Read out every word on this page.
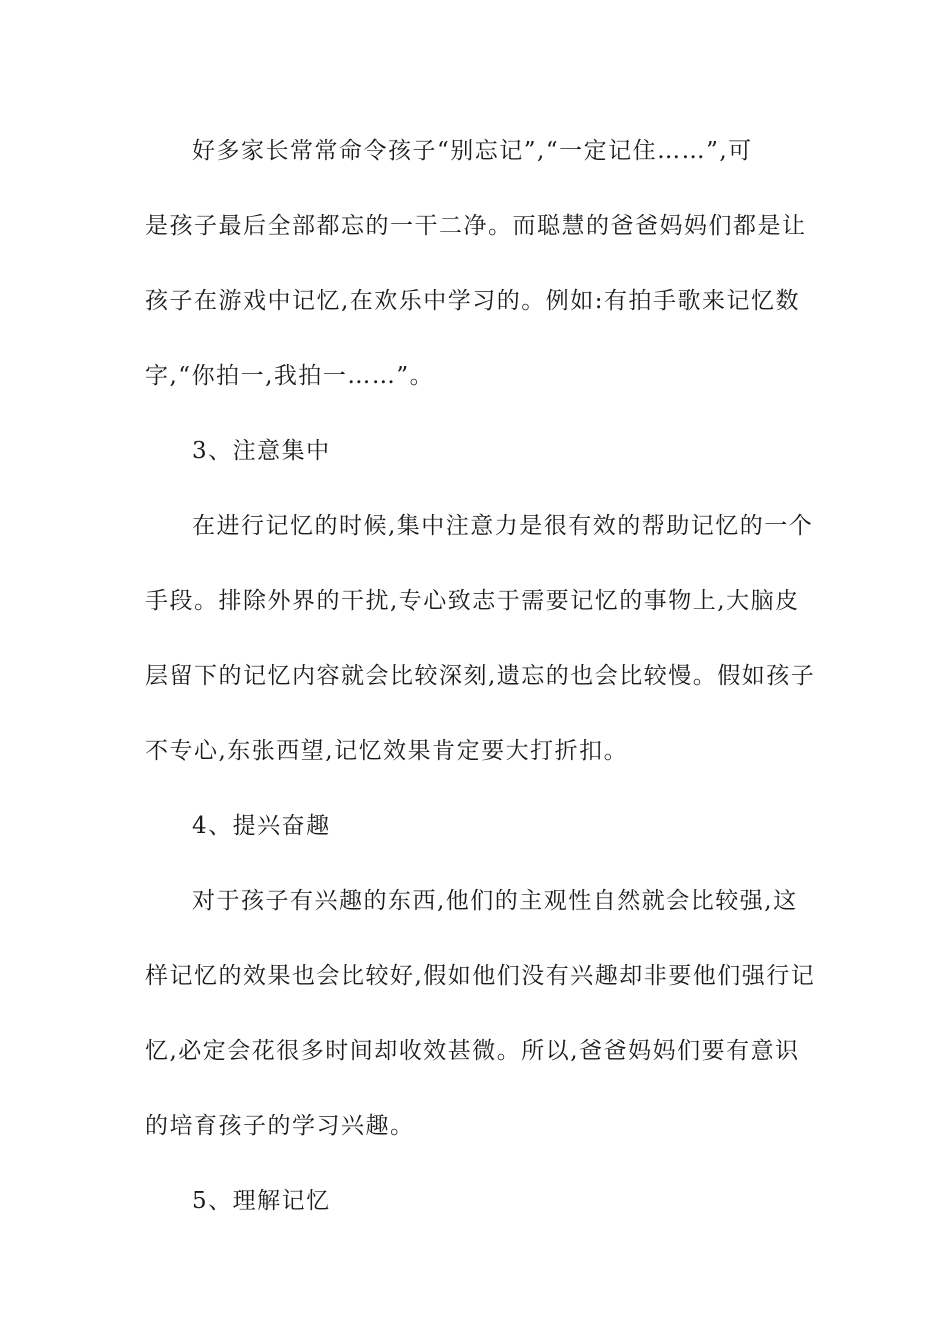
好多家长常常命令孩子“别忘记”,“一定记住……”,可

是孩子最后全部都忘的一干二净。而聪慧的爸爸妈妈们都是让

孩子在游戏中记忆,在欢乐中学习的。例如:有拍手歌来记忆数

字,“你拍一,我拍一……”。

3、注意集中

在进行记忆的时候,集中注意力是很有效的帮助记忆的一个

手段。排除外界的干扰,专心致志于需要记忆的事物上,大脑皮

层留下的记忆内容就会比较深刻,遗忘的也会比较慢。假如孩子

不专心,东张西望,记忆效果肯定要大打折扣。

4、提兴奋趣

对于孩子有兴趣的东西,他们的主观性自然就会比较强,这

样记忆的效果也会比较好,假如他们没有兴趣却非要他们强行记

忆,必定会花很多时间却收效甚微。所以,爸爸妈妈们要有意识

的培育孩子的学习兴趣。

5、理解记忆
